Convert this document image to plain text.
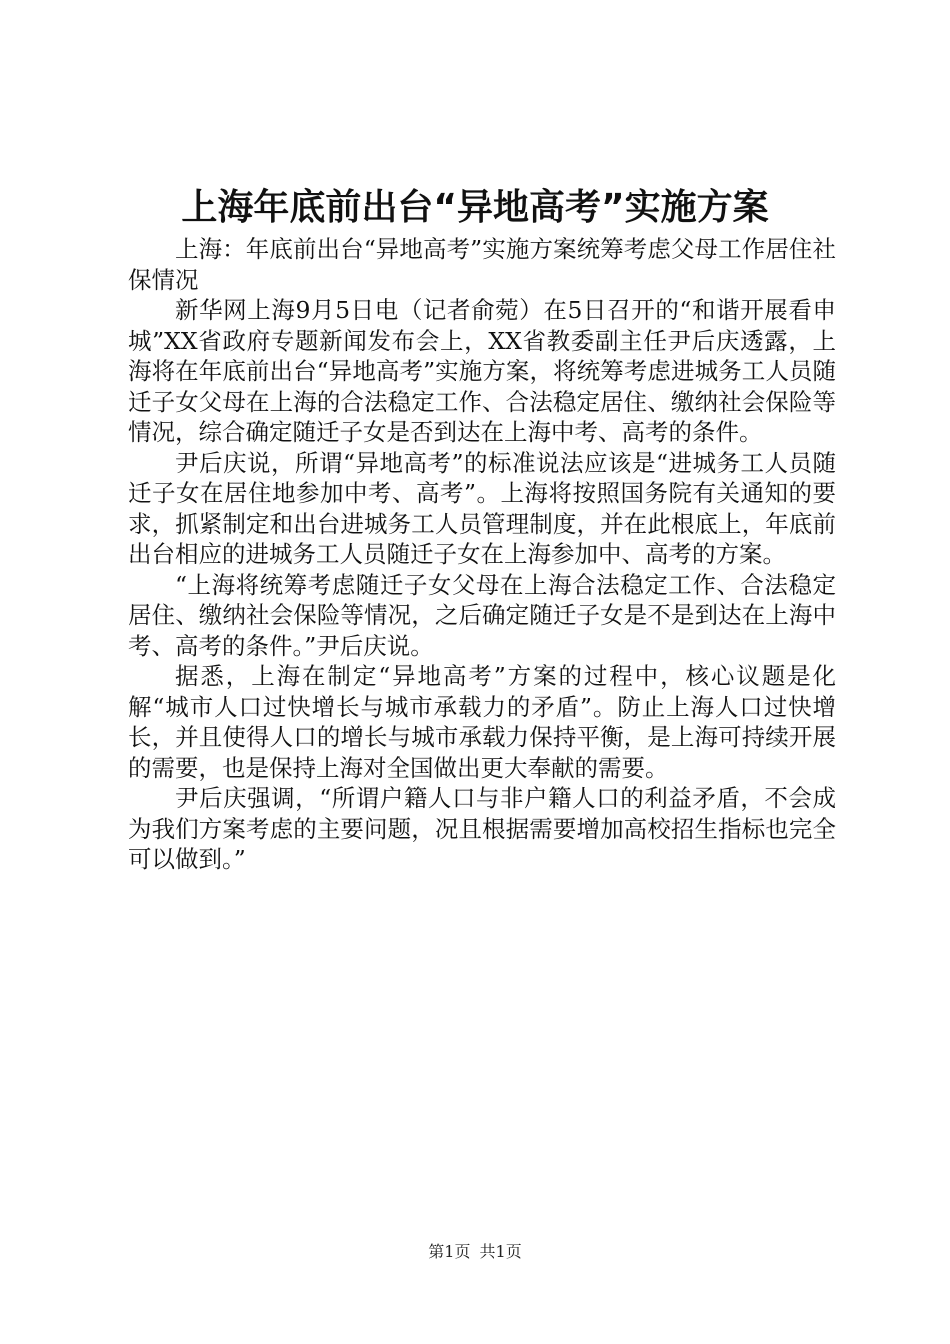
上海年底前出台“异地高考”实施方案

上海：年底前出台“异地高考”实施方案统筹考虑父母工作居住社保情况

新华网上海9月5日电（记者俞菀）在5日召开的“和谐开展看申城”XX省政府专题新闻发布会上，XX省教委副主任尹后庆透露，上海将在年底前出台“异地高考”实施方案，将统筹考虑进城务工人员随迁子女父母在上海的合法稳定工作、合法稳定居住、缴纳社会保险等情况，综合确定随迁子女是否到达在上海中考、高考的条件。

尹后庆说，所谓“异地高考”的标准说法应该是“进城务工人员随迁子女在居住地参加中考、高考”。上海将按照国务院有关通知的要求，抓紧制定和出台进城务工人员管理制度，并在此根底上，年底前出台相应的进城务工人员随迁子女在上海参加中、高考的方案。

“上海将统筹考虑随迁子女父母在上海合法稳定工作、合法稳定居住、缴纳社会保险等情况，之后确定随迁子女是不是到达在上海中考、高考的条件。”尹后庆说。

据悉，上海在制定“异地高考”方案的过程中，核心议题是化解“城市人口过快增长与城市承载力的矛盾”。防止上海人口过快增长，并且使得人口的增长与城市承载力保持平衡，是上海可持续开展的需要，也是保持上海对全国做出更大奉献的需要。

尹后庆强调，“所谓户籍人口与非户籍人口的利益矛盾，不会成为我们方案考虑的主要问题，况且根据需要增加高校招生指标也完全可以做到。”

第1页 共1页
